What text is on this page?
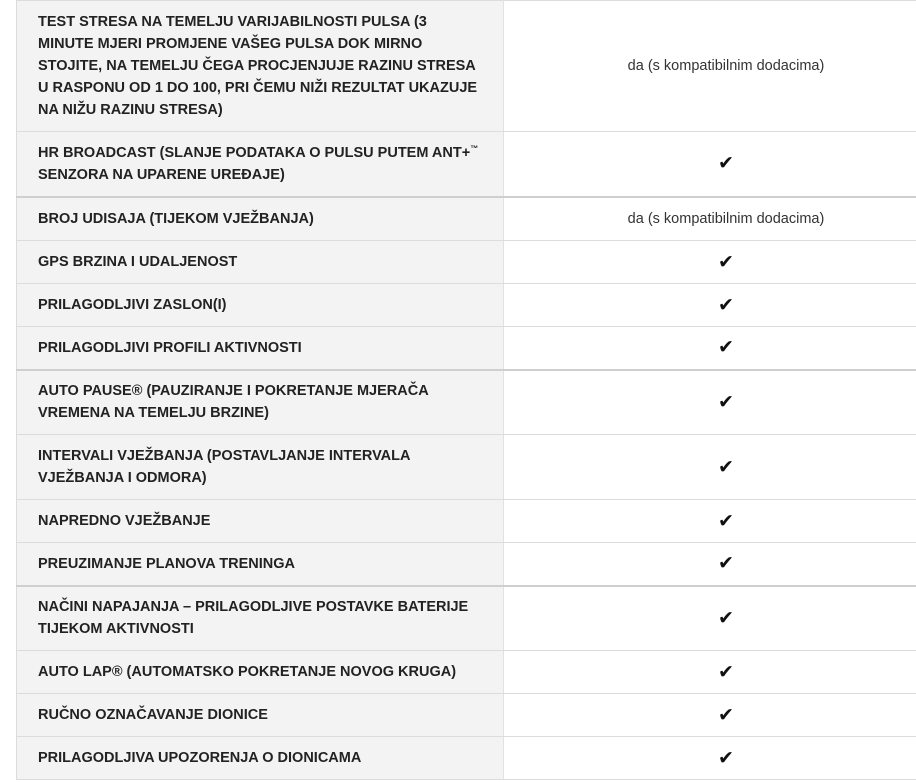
TEST STRESA NA TEMELJU VARIJABILNOSTI PULSA (3 MINUTE MJERI PROMJENE VAŠEG PULSA DOK MIRNO STOJITE, NA TEMELJU ČEGA PROCJENJUJE RAZINU STRESA U RASPONU OD 1 DO 100, PRI ČEMU NIŽI REZULTAT UKAZUJE NA NIŽU RAZINU STRESA)	da (s kompatibilnim dodacima)
HR BROADCAST (SLANJE PODATAKA O PULSU PUTEM ANT+™ SENZORA NA UPARENE UREĐAJE)	✔
BROJ UDISAJA (TIJEKOM VJEŽBANJA)	da (s kompatibilnim dodacima)
GPS BRZINA I UDALJENOST	✔
PRILAGODLJIVI ZASLON(I)	✔
PRILAGODLJIVI PROFILI AKTIVNOSTI	✔
AUTO PAUSE® (PAUZIRANJE I POKRETANJE MJERAČA VREMENA NA TEMELJU BRZINE)	✔
INTERVALI VJEŽBANJA (POSTAVLJANJE INTERVALA VJEŽBANJA I ODMORA)	✔
NAPREDNO VJEŽBANJE	✔
PREUZIMANJE PLANOVA TRENINGA	✔
NAČINI NAPAJANJA – PRILAGODLJIVE POSTAVKE BATERIJE TIJEKOM AKTIVNOSTI	✔
AUTO LAP® (AUTOMATSKO POKRETANJE NOVOG KRUGA)	✔
RUČNO OZNAČAVANJE DIONICE	✔
PRILAGODLJIVA UPOZORENJA O DIONICAMA	✔
